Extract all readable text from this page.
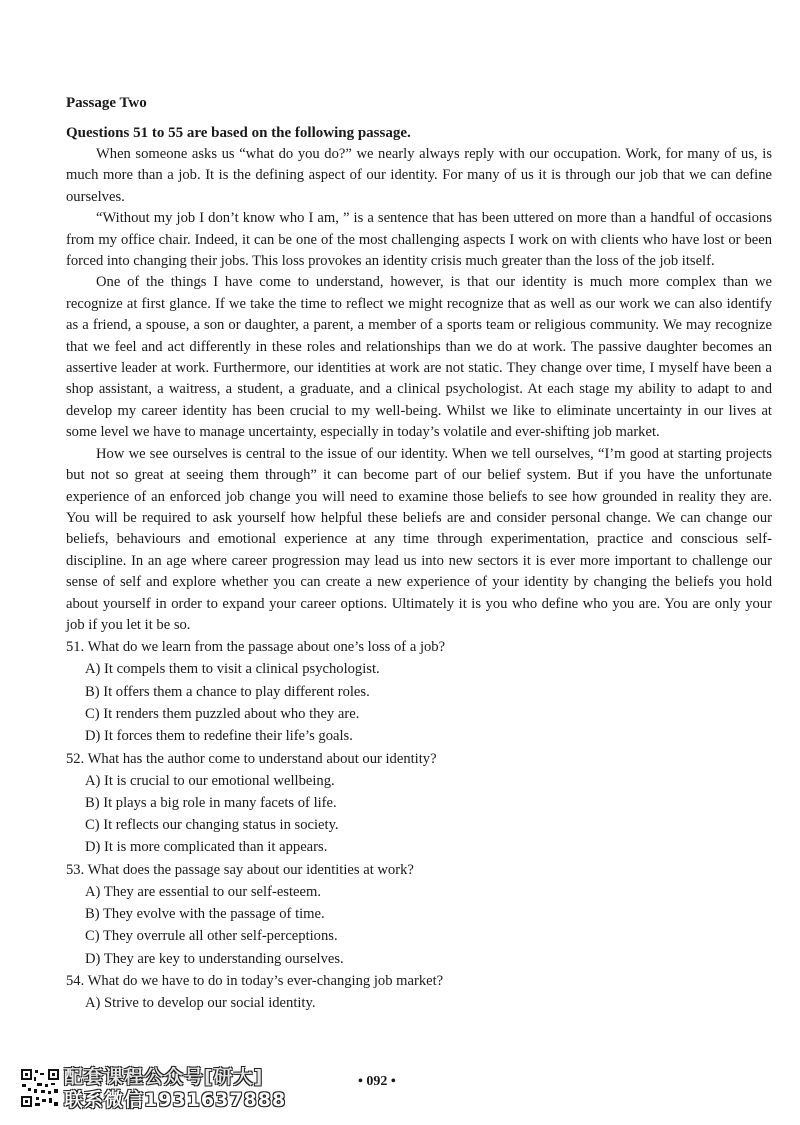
Passage Two
Questions 51 to 55 are based on the following passage.

When someone asks us “what do you do?” we nearly always reply with our occupation. Work, for many of us, is much more than a job. It is the defining aspect of our identity. For many of us it is through our job that we can define ourselves.

“Without my job I don’t know who I am, ” is a sentence that has been uttered on more than a handful of occasions from my office chair. Indeed, it can be one of the most challenging aspects I work on with clients who have lost or been forced into changing their jobs. This loss provokes an identity crisis much greater than the loss of the job itself.

One of the things I have come to understand, however, is that our identity is much more complex than we recognize at first glance. If we take the time to reflect we might recognize that as well as our work we can also identify as a friend, a spouse, a son or daughter, a parent, a member of a sports team or religious community. We may recognize that we feel and act differently in these roles and relationships than we do at work. The passive daughter becomes an assertive leader at work. Furthermore, our identities at work are not static. They change over time, I myself have been a shop assistant, a waitress, a student, a graduate, and a clinical psychologist. At each stage my ability to adapt to and develop my career identity has been crucial to my well-being. Whilst we like to eliminate uncertainty in our lives at some level we have to manage uncertainty, especially in today’s volatile and ever-shifting job market.

How we see ourselves is central to the issue of our identity. When we tell ourselves, “I’m good at starting projects but not so great at seeing them through” it can become part of our belief system. But if you have the unfortunate experience of an enforced job change you will need to examine those beliefs to see how grounded in reality they are. You will be required to ask yourself how helpful these beliefs are and consider personal change. We can change our beliefs, behaviours and emotional experience at any time through experimentation, practice and conscious self-discipline. In an age where career progression may lead us into new sectors it is ever more important to challenge our sense of self and explore whether you can create a new experience of your identity by changing the beliefs you hold about yourself in order to expand your career options. Ultimately it is you who define who you are. You are only your job if you let it be so.

51. What do we learn from the passage about one’s loss of a job?

A) It compels them to visit a clinical psychologist.

B) It offers them a chance to play different roles.

C) It renders them puzzled about who they are.

D) It forces them to redefine their life’s goals.

52. What has the author come to understand about our identity?

A) It is crucial to our emotional wellbeing.

B) It plays a big role in many facets of life.

C) It reflects our changing status in society.

D) It is more complicated than it appears.

53. What does the passage say about our identities at work?

A) They are essential to our self-esteem.

B) They evolve with the passage of time.

C) They overrule all other self-perceptions.

D) They are key to understanding ourselves.

54. What do we have to do in today’s ever-changing job market?

A) Strive to develop our social identity.

配套课程公众号[研大]
联系微信1931637888
• 092 •
